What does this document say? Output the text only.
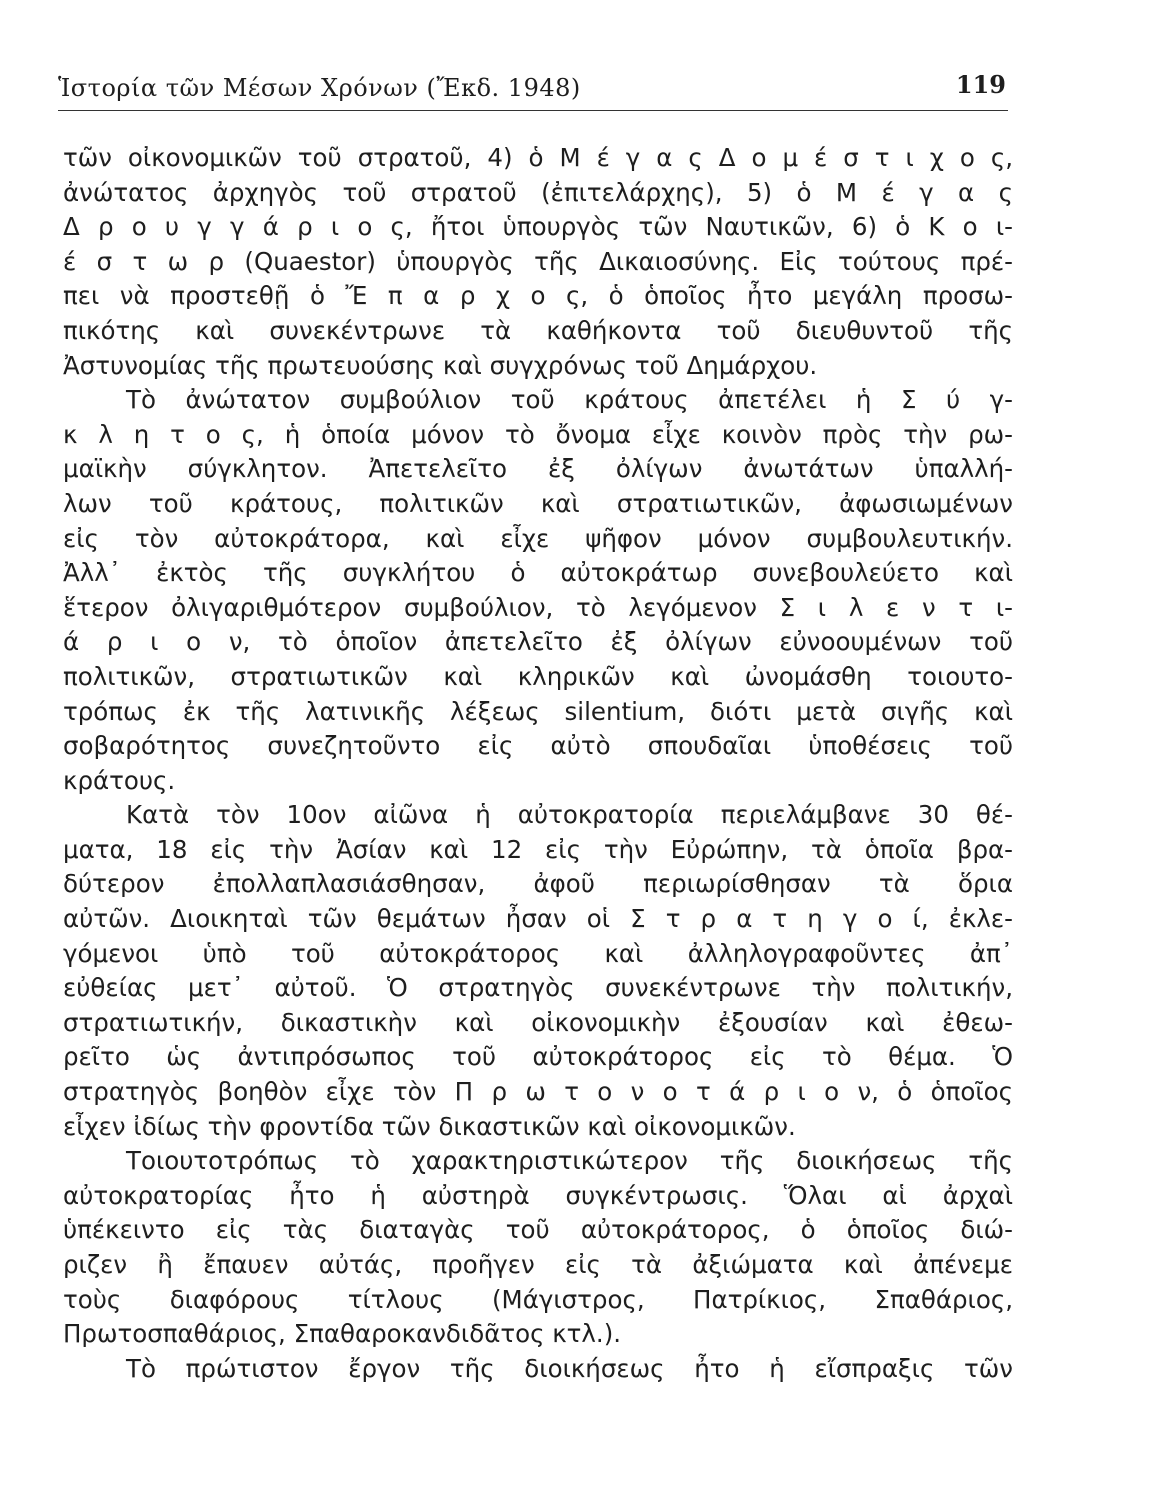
Ἱστορία τῶν Μέσων Χρόνων (Ἔκδ. 1948)	119
τῶν οἰκονομικῶν τοῦ στρατοῦ, 4) ὁ Μ έ γ α ς Δ ο μ έ σ τ ι χ ο ς,
ἀνώτατος ἀρχηγὸς τοῦ στρατοῦ (ἐπιτελάρχης), 5) ὁ Μ έ γ α ς
Δ ρ ο υ γ γ ά ρ ι ο ς, ἤτοι ὑπουργὸς τῶν Ναυτικῶν, 6) ὁ Κ ο ι-
έ σ τ ω ρ (Quaestor) ὑπουργὸς τῆς Δικαιοσύνης. Εἰς τούτους πρέ-
πει νὰ προστεθῇ ὁ Ἔ π α ρ χ ο ς, ὁ ὁποῖος ἦτο μεγάλη προσω-
πικότης καὶ συνεκέντρωνε τὰ καθήκοντα τοῦ διευθυντοῦ τῆς
Ἀστυνομίας τῆς πρωτευούσης καὶ συγχρόνως τοῦ Δημάρχου.
Τὸ ἀνώτατον συμβούλιον τοῦ κράτους ἀπετέλει ἡ Σ ύ γ-
κ λ η τ ο ς, ἡ ὁποία μόνον τὸ ὄνομα εἶχε κοινὸν πρὸς τὴν ρω-
μαϊκὴν σύγκλητον. Ἀπετελεῖτο ἐξ ὀλίγων ἀνωτάτων ὑπαλλή-
λων τοῦ κράτους, πολιτικῶν καὶ στρατιωτικῶν, ἀφωσιωμένων
εἰς τὸν αὐτοκράτορα, καὶ εἶχε ψῆφον μόνον συμβουλευτικήν.
Ἀλλ᾽ ἐκτὸς τῆς συγκλήτου ὁ αὐτοκράτωρ συνεβουλεύετο καὶ
ἕτερον ὀλιγαριθμότερον συμβούλιον, τὸ λεγόμενον Σ ι λ ε ν τ ι-
ά ρ ι ο ν, τὸ ὁποῖον ἀπετελεῖτο ἐξ ὀλίγων εὐνοουμένων τοῦ
πολιτικῶν, στρατιωτικῶν καὶ κληρικῶν καὶ ὠνομάσθη τοιουτο-
τρόπως ἐκ τῆς λατινικῆς λέξεως silentium, διότι μετὰ σιγῆς καὶ
σοβαρότητος συνεζητοῦντο εἰς αὐτὸ σπουδαῖαι ὑποθέσεις τοῦ
κράτους.
Κατὰ τὸν 10ον αἰῶνα ἡ αὐτοκρατορία περιελάμβανε 30 θέ-
ματα, 18 εἰς τὴν Ἀσίαν καὶ 12 εἰς τὴν Εὐρώπην, τὰ ὁποῖα βρα-
δύτερον ἐπολλαπλασιάσθησαν, ἀφοῦ περιωρίσθησαν τὰ ὅρια
αὐτῶν. Διοικηταὶ τῶν θεμάτων ἦσαν οἱ Σ τ ρ α τ η γ ο ί, ἐκλε-
γόμενοι ὑπὸ τοῦ αὐτοκράτορος καὶ ἀλληλογραφοῦντες ἀπ᾽
εὐθείας μετ᾽ αὐτοῦ. Ὁ στρατηγὸς συνεκέντρωνε τὴν πολιτικήν,
στρατιωτικήν, δικαστικὴν καὶ οἰκονομικὴν ἐξουσίαν καὶ ἐθεω-
ρεῖτο ὡς ἀντιπρόσωπος τοῦ αὐτοκράτορος εἰς τὸ θέμα. Ὁ
στρατηγὸς βοηθὸν εἶχε τὸν Π ρ ω τ ο ν ο τ ά ρ ι ο ν, ὁ ὁποῖος
εἶχεν ἰδίως τὴν φροντίδα τῶν δικαστικῶν καὶ οἰκονομικῶν.
Τοιουτοτρόπως τὸ χαρακτηριστικώτερον τῆς διοικήσεως τῆς
αὐτοκρατορίας ἦτο ἡ αὐστηρὰ συγκέντρωσις. Ὅλαι αἱ ἀρχαὶ
ὑπέκειντο εἰς τὰς διαταγὰς τοῦ αὐτοκράτορος, ὁ ὁποῖος διώ-
ριζεν ἢ ἔπαυεν αὐτάς, προῆγεν εἰς τὰ ἀξιώματα καὶ ἀπένεμε
τοὺς διαφόρους τίτλους (Μάγιστρος, Πατρίκιος, Σπαθάριος,
Πρωτοσπαθάριος, Σπαθαροκανδιδᾶτος κτλ.).
Τὸ πρώτιστον ἔργον τῆς διοικήσεως ἦτο ἡ εἴσπραξις τῶν
